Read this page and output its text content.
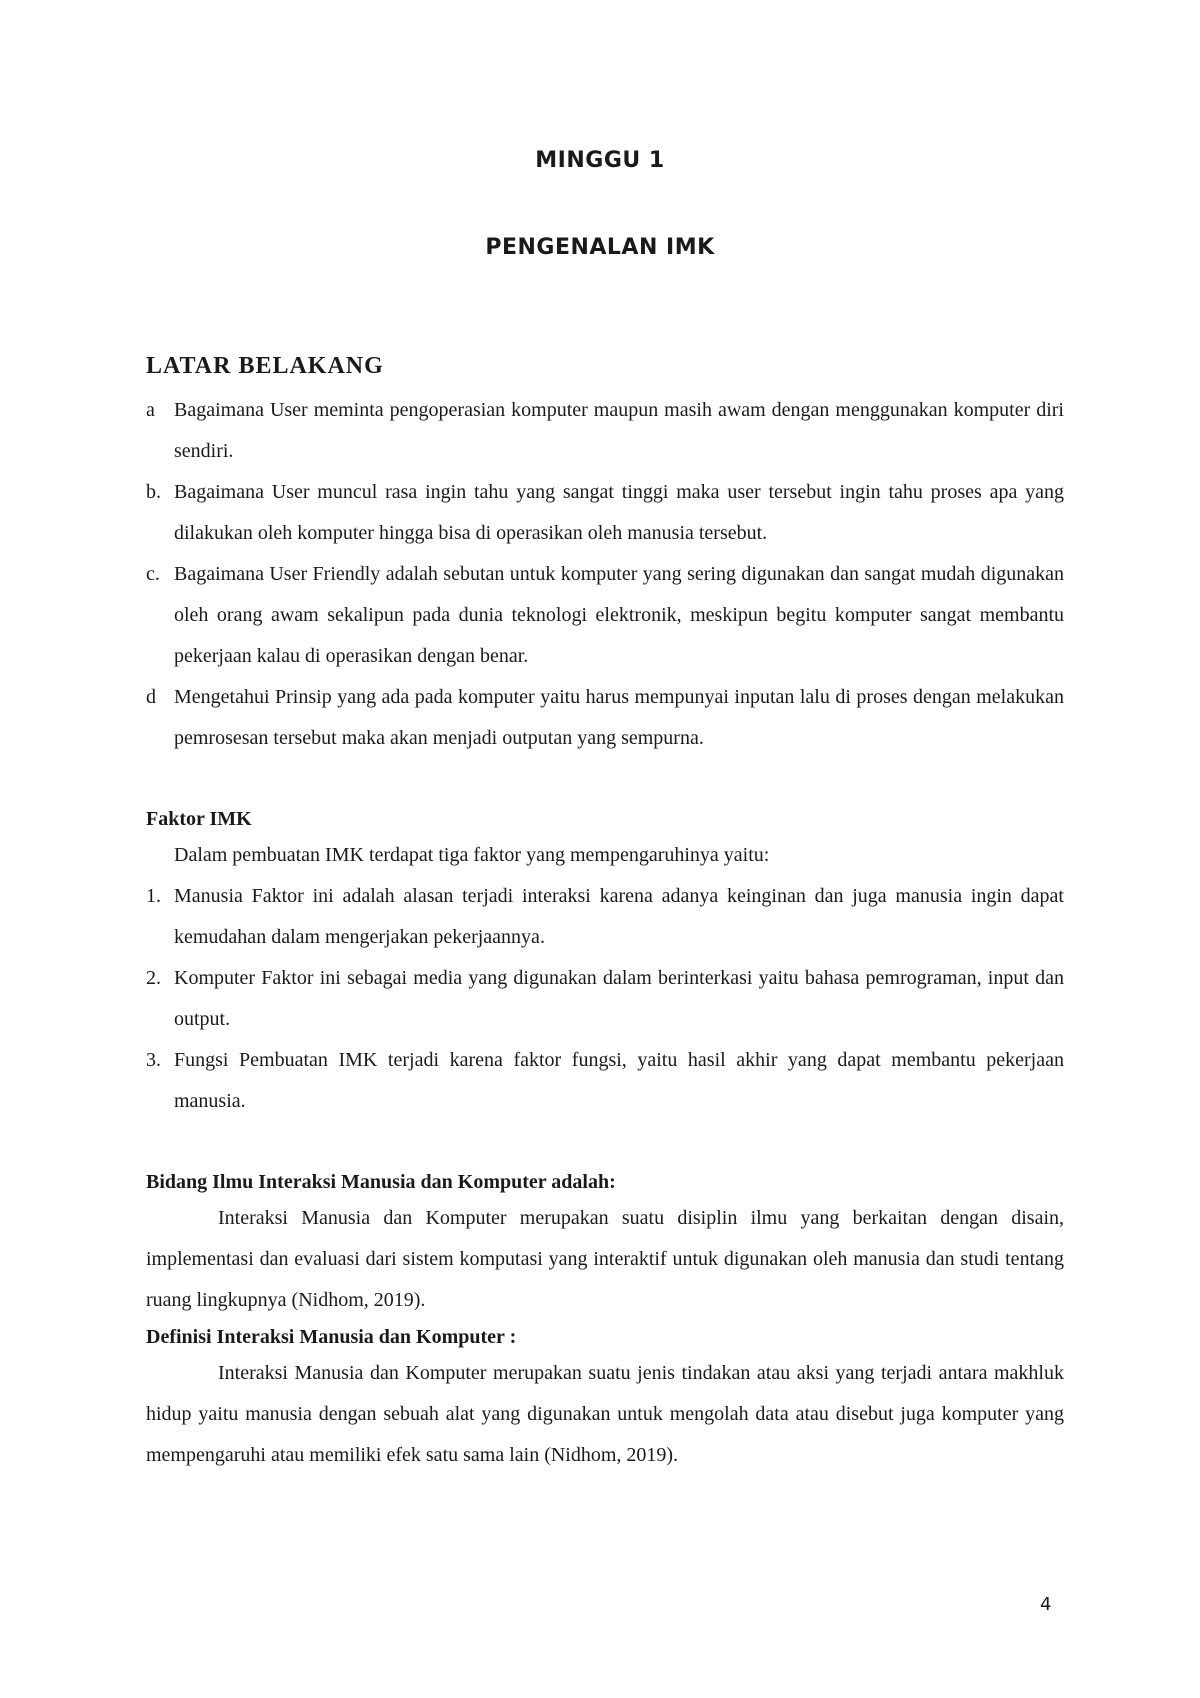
MINGGU 1
PENGENALAN IMK
LATAR BELAKANG
a Bagaimana User meminta pengoperasian komputer maupun masih awam dengan menggunakan komputer diri sendiri.
b. Bagaimana User muncul rasa ingin tahu yang sangat tinggi maka user tersebut ingin tahu proses apa yang dilakukan oleh komputer hingga bisa di operasikan oleh manusia tersebut.
c. Bagaimana User Friendly adalah sebutan untuk komputer yang sering digunakan dan sangat mudah digunakan oleh orang awam sekalipun pada dunia teknologi elektronik, meskipun begitu komputer sangat membantu pekerjaan kalau di operasikan dengan benar.
d Mengetahui Prinsip yang ada pada komputer yaitu harus mempunyai inputan lalu di proses dengan melakukan pemrosesan tersebut maka akan menjadi outputan yang sempurna.
Faktor IMK

Dalam pembuatan IMK terdapat tiga faktor yang mempengaruhinya yaitu:

1. Manusia Faktor ini adalah alasan terjadi interaksi karena adanya keinginan dan juga manusia ingin dapat kemudahan dalam mengerjakan pekerjaannya.
2. Komputer Faktor ini sebagai media yang digunakan dalam berinterkasi yaitu bahasa pemrograman, input dan output.
3. Fungsi Pembuatan IMK terjadi karena faktor fungsi, yaitu hasil akhir yang dapat membantu pekerjaan manusia.
Bidang Ilmu Interaksi Manusia dan Komputer adalah:

Interaksi Manusia dan Komputer merupakan suatu disiplin ilmu yang berkaitan dengan disain, implementasi dan evaluasi dari sistem komputasi yang interaktif untuk digunakan oleh manusia dan studi tentang ruang lingkupnya (Nidhom, 2019).

Definisi Interaksi Manusia dan Komputer :

Interaksi Manusia dan Komputer merupakan suatu jenis tindakan atau aksi yang terjadi antara makhluk hidup yaitu manusia dengan sebuah alat yang digunakan untuk mengolah data atau disebut juga komputer yang mempengaruhi atau memiliki efek satu sama lain (Nidhom, 2019).

4
